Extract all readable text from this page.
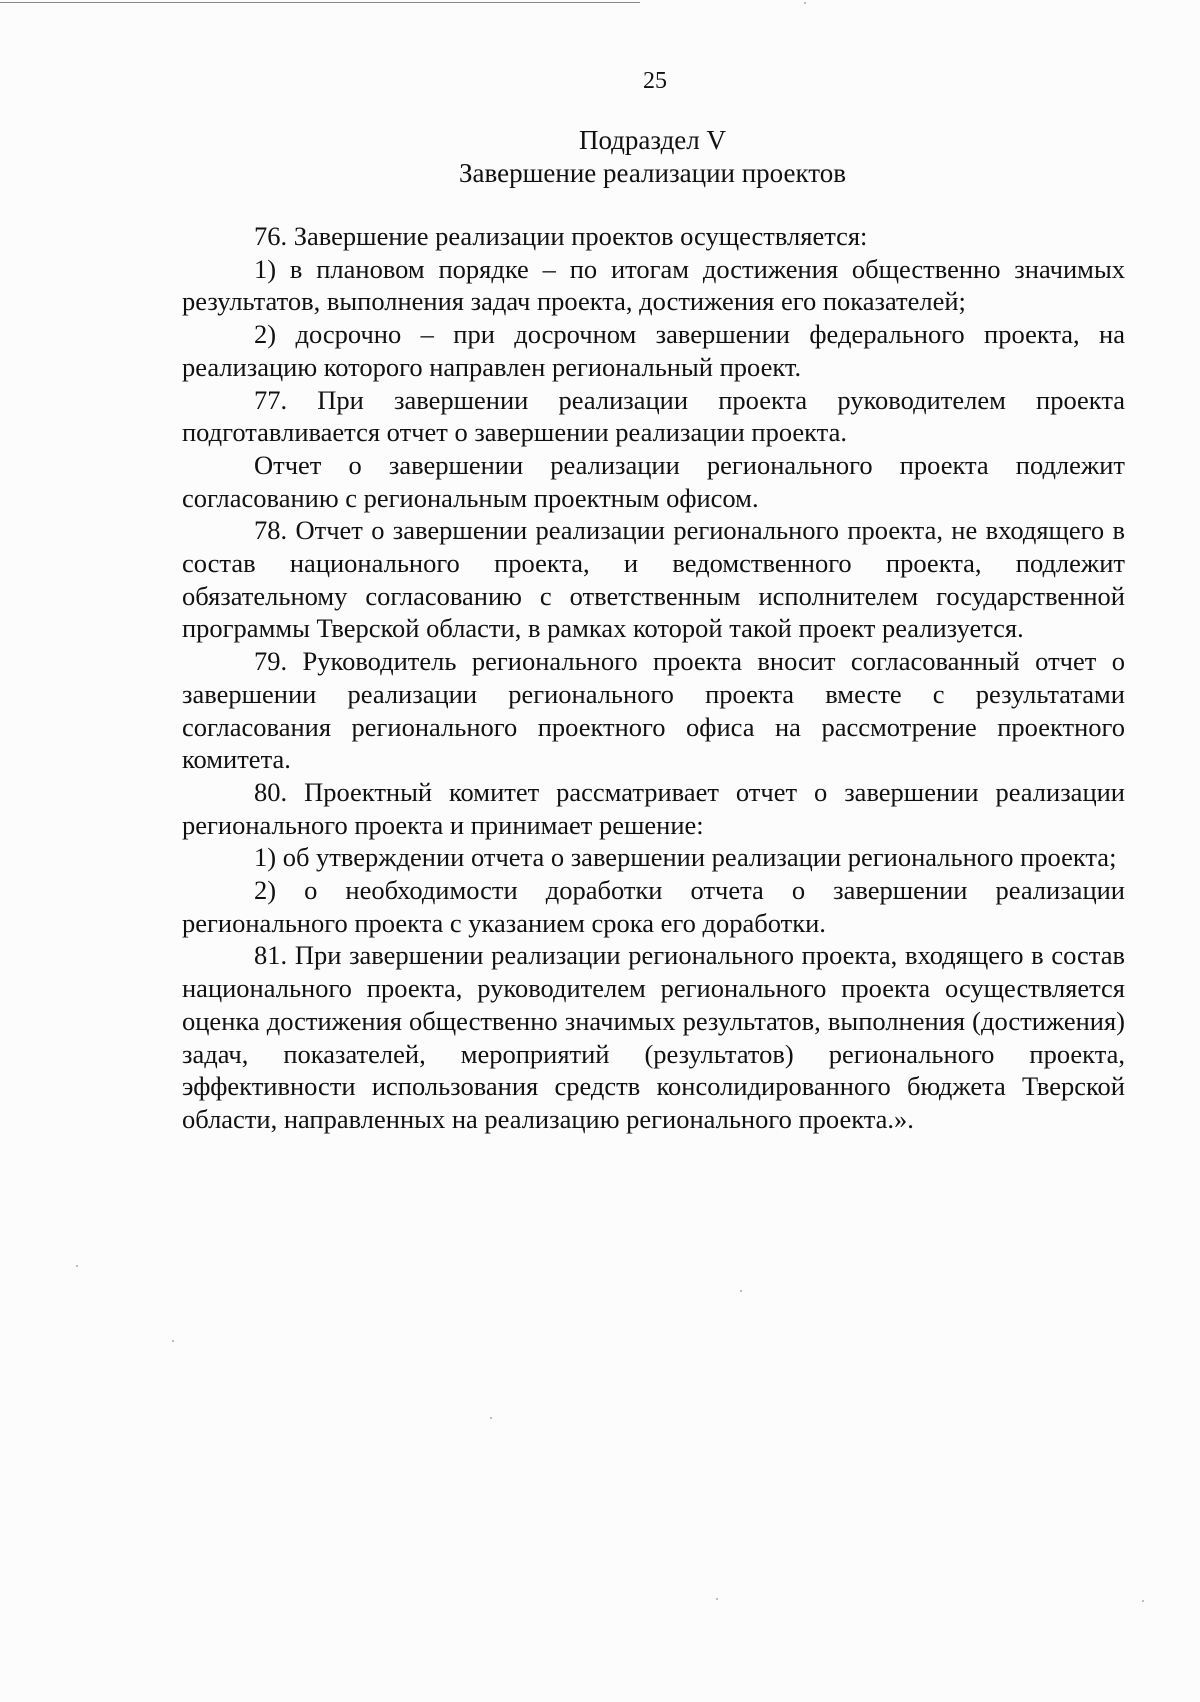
25
Подраздел V
Завершение реализации проектов

76. Завершение реализации проектов осуществляется:

1) в плановом порядке – по итогам достижения общественно значимых результатов, выполнения задач проекта, достижения его показателей;

2) досрочно – при досрочном завершении федерального проекта, на реализацию которого направлен региональный проект.

77. При завершении реализации проекта руководителем проекта подготавливается отчет о завершении реализации проекта.

Отчет о завершении реализации регионального проекта подлежит согласованию с региональным проектным офисом.

78. Отчет о завершении реализации регионального проекта, не входящего в состав национального проекта, и ведомственного проекта, подлежит обязательному согласованию с ответственным исполнителем государственной программы Тверской области, в рамках которой такой проект реализуется.

79. Руководитель регионального проекта вносит согласованный отчет о завершении реализации регионального проекта вместе с результатами согласования регионального проектного офиса на рассмотрение проектного комитета.

80. Проектный комитет рассматривает отчет о завершении реализации регионального проекта и принимает решение:

1) об утверждении отчета о завершении реализации регионального проекта;

2) о необходимости доработки отчета о завершении реализации регионального проекта с указанием срока его доработки.

81. При завершении реализации регионального проекта, входящего в состав национального проекта, руководителем регионального проекта осуществляется оценка достижения общественно значимых результатов, выполнения (достижения) задач, показателей, мероприятий (результатов) регионального проекта, эффективности использования средств консолидированного бюджета Тверской области, направленных на реализацию регионального проекта.».
